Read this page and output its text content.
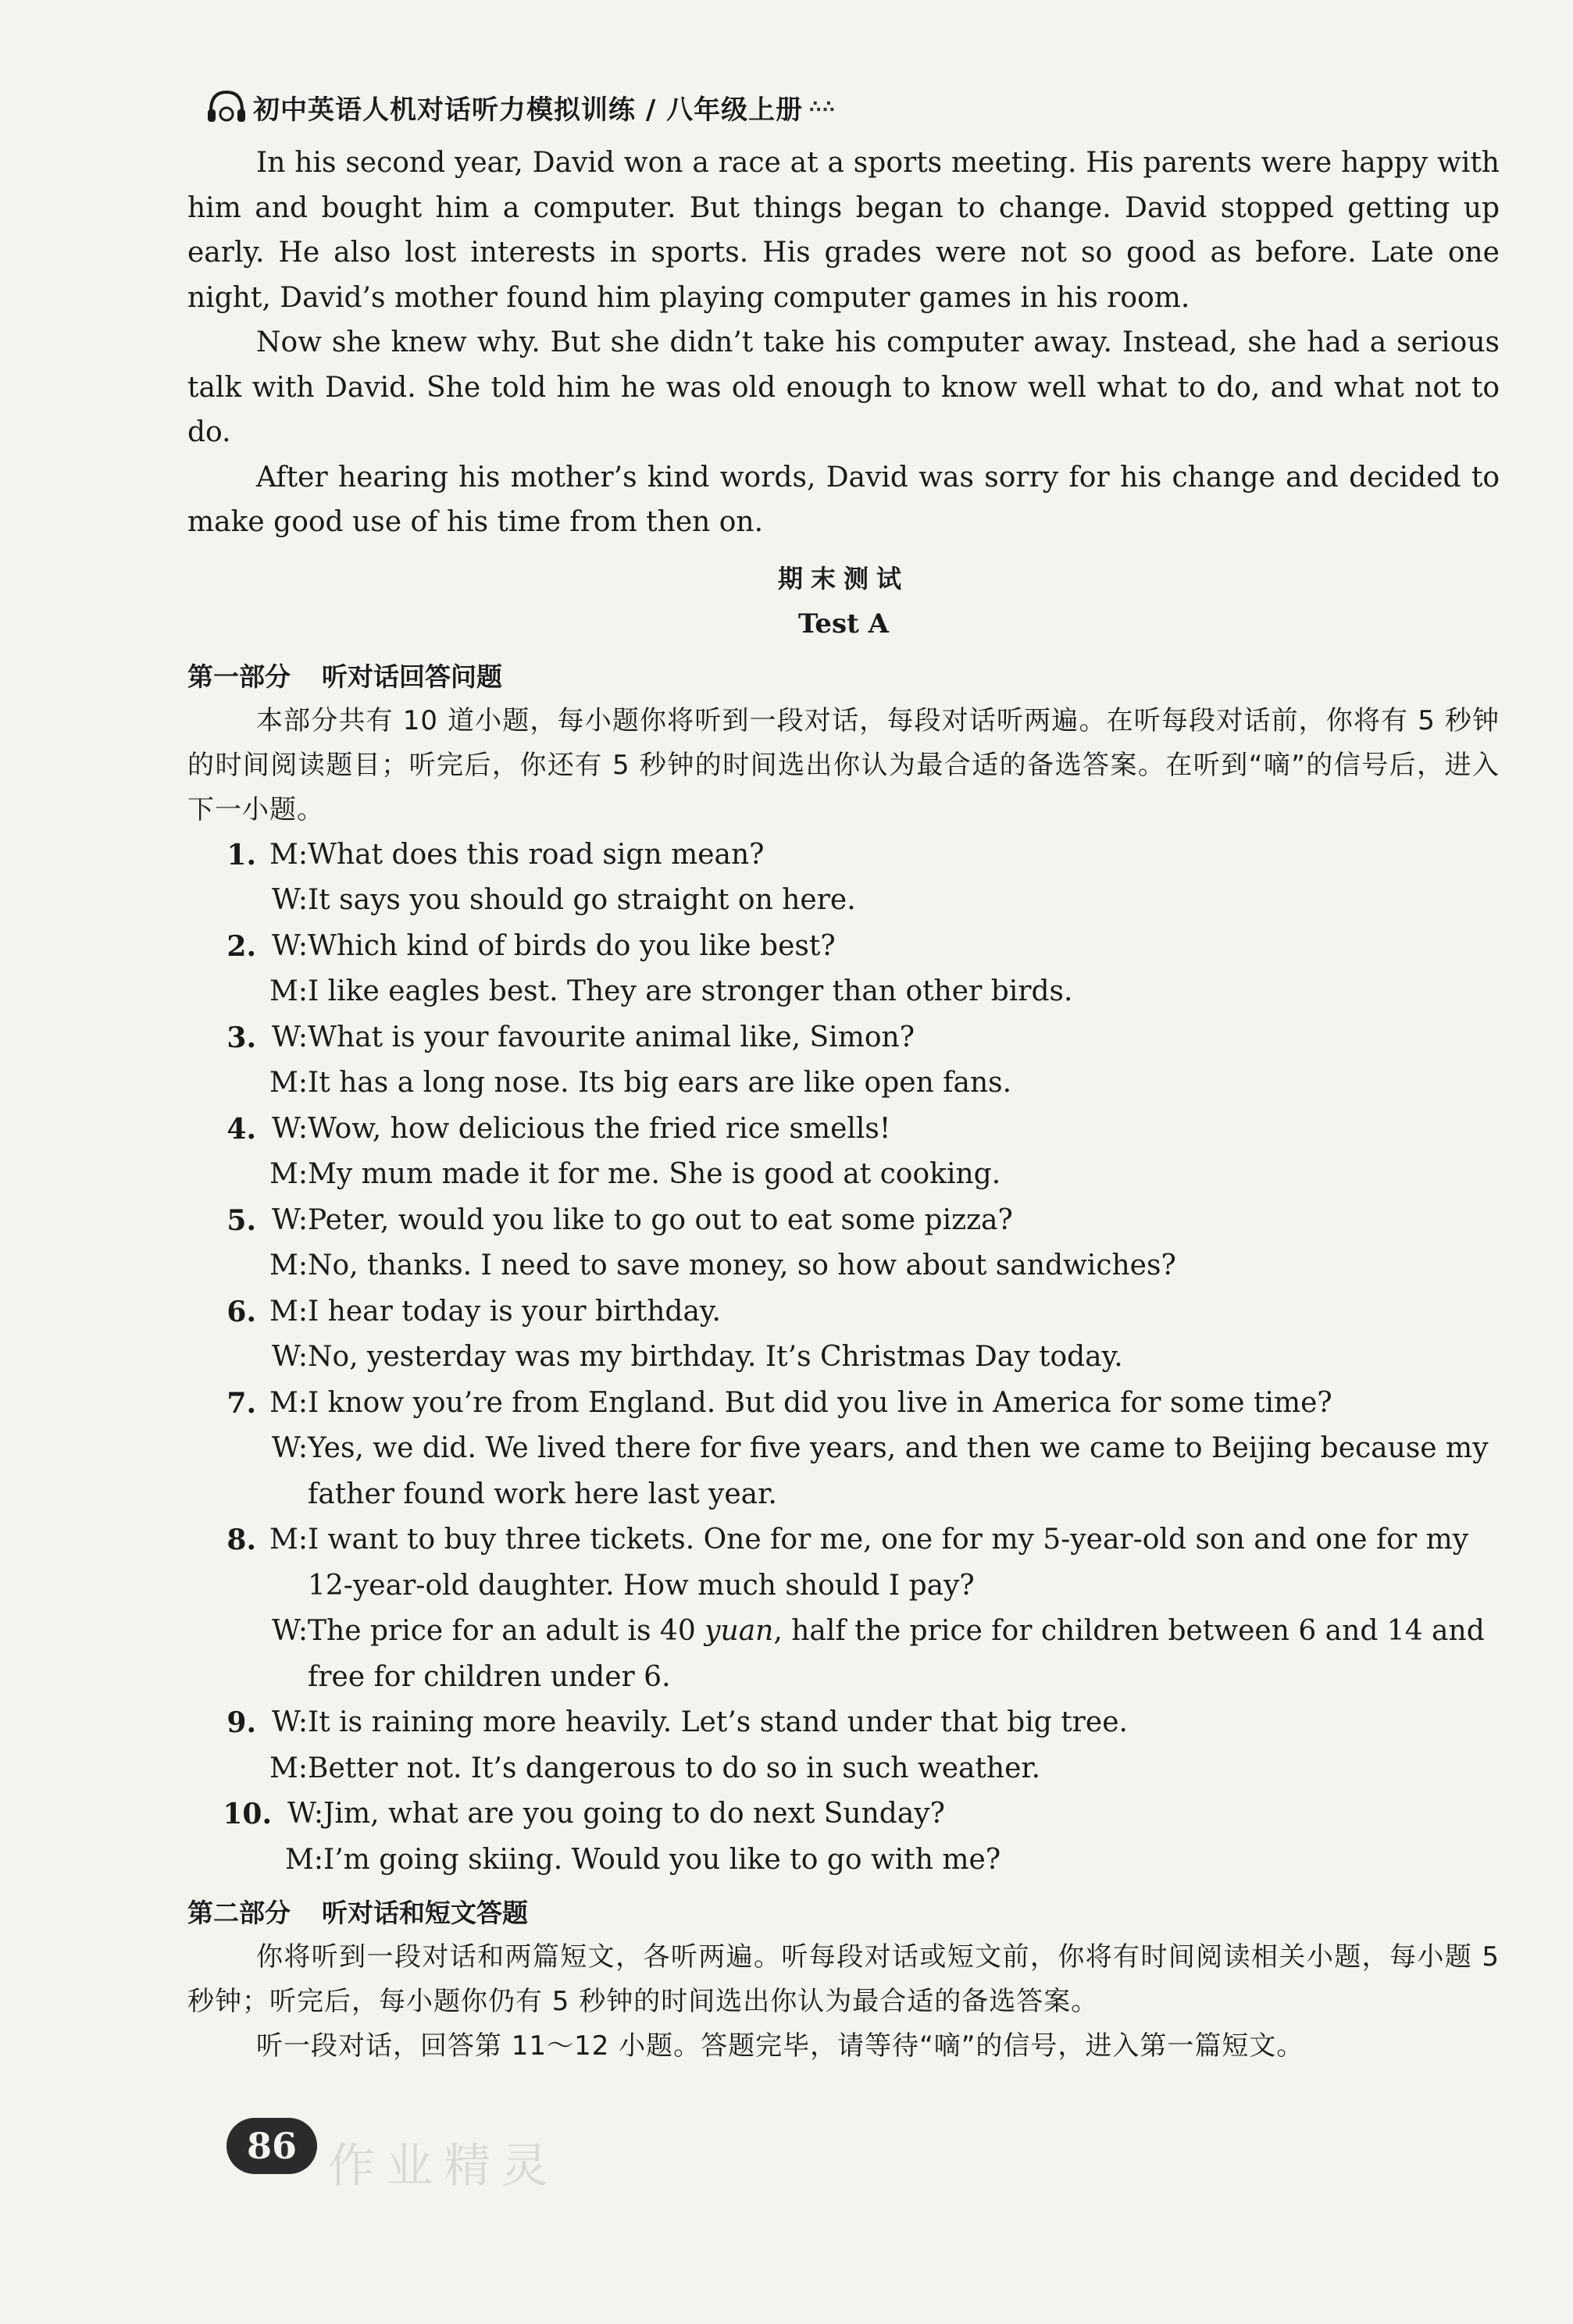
初中英语人机对话听力模拟训练 / 八年级上册 ∴∴
In his second year, David won a race at a sports meeting. His parents were happy with him and bought him a computer. But things began to change. David stopped getting up early. He also lost interests in sports. His grades were not so good as before. Late one night, David’s mother found him playing computer games in his room.
Now she knew why. But she didn’t take his computer away. Instead, she had a serious talk with David. She told him he was old enough to know well what to do, and what not to do.
After hearing his mother’s kind words, David was sorry for his change and decided to make good use of his time from then on.
期末测试
Test A
第一部分 听对话回答问题
本部分共有 10 道小题，每小题你将听到一段对话，每段对话听两遍。在听每段对话前，你将有 5 秒钟的时间阅读题目；听完后，你还有 5 秒钟的时间选出你认为最合适的备选答案。在听到“嘀”的信号后，进入下一小题。
1. M: What does this road sign mean?
W: It says you should go straight on here.
2. W: Which kind of birds do you like best?
M: I like eagles best. They are stronger than other birds.
3. W: What is your favourite animal like, Simon?
M: It has a long nose. Its big ears are like open fans.
4. W: Wow, how delicious the fried rice smells!
M: My mum made it for me. She is good at cooking.
5. W: Peter, would you like to go out to eat some pizza?
M: No, thanks. I need to save money, so how about sandwiches?
6. M: I hear today is your birthday.
W: No, yesterday was my birthday. It’s Christmas Day today.
7. M: I know you’re from England. But did you live in America for some time?
W: Yes, we did. We lived there for five years, and then we came to Beijing because my father found work here last year.
8. M: I want to buy three tickets. One for me, one for my 5-year-old son and one for my 12-year-old daughter. How much should I pay?
W: The price for an adult is 40 yuan, half the price for children between 6 and 14 and free for children under 6.
9. W: It is raining more heavily. Let’s stand under that big tree.
M: Better not. It’s dangerous to do so in such weather.
10. W: Jim, what are you going to do next Sunday?
M: I’m going skiing. Would you like to go with me?
第二部分 听对话和短文答题
你将听到一段对话和两篇短文，各听两遍。听每段对话或短文前，你将有时间阅读相关小题，每小题 5 秒钟；听完后，每小题你仍有 5 秒钟的时间选出你认为最合适的备选答案。
听一段对话，回答第 11～12 小题。答题完毕，请等待“嘀”的信号，进入第一篇短文。
86 作业精灵
